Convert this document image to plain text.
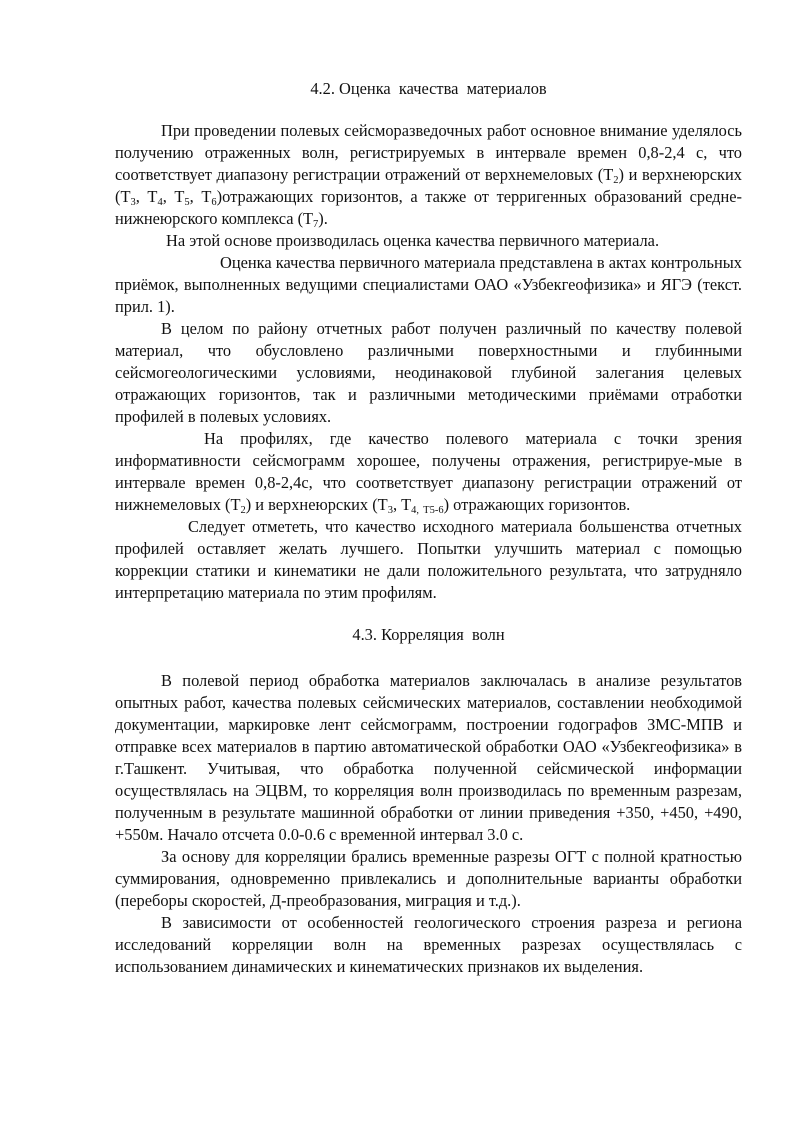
4.2. Оценка  качества  материалов

При проведении полевых сейсморазведочных работ основное внимание уделялось получению отраженных волн, регистрируемых в интервале времен 0,8-2,4 с, что соответствует диапазону регистрации отражений от верхнемеловых $(Т_2)$ и верхнеюрских ($Т_3$, $Т_4$, $Т_5$, $Т_6)отражающих$ горизонтов, а также от терригенных образований средне-нижнеюрского комплекса $(Т_7)$.

На этой основе производилась оценка качества первичного материала.

Оценка качества первичного материала представлена в актах контрольных приёмок, выполненных ведущими специалистами ОАО «Узбекгеофизика» и ЯГЭ (текст. прил. 1).

В целом по району отчетных работ получен различный по качеству полевой материал, что обусловлено различными поверхностными и глубинными сейсмогеологическими условиями, неодинаковой глубиной залегания целевых отражающих горизонтов, так и различными методическими приёмами отработки профилей в полевых условиях.

На профилях, где качество полевого материала с точки зрения информативности сейсмограмм хорошее, получены отражения, регистрируе-мые в интервале времен 0,8-2,4с, что соответствует диапазону регистрации отражений от нижнемеловых $(Т_2)$ и верхнеюрских ($Т_3$, $Т_{4,}$ $_{Т5-6}$) отражающих горизонтов.

Следует отмететь, что качество исходного материала большенства отчетных профилей оставляет желать лучшего. Попытки улучшить материал с помощью коррекции статики и кинематики не дали положительного результата, что затрудняло интерпретацию материала по этим профилям.

4.3. Корреляция  волн

В полевой период обработка материалов заключалась в анализе результатов опытных работ, качества полевых сейсмических материалов, составлении необходимой документации, маркировке лент сейсмограмм, построении годографов ЗМС-МПВ и отправке всех материалов в партию автоматической обработки ОАО «Узбекгеофизика» в г.Ташкент. Учитывая, что обработка полученной сейсмической информации осуществлялась на ЭЦВМ, то корреляция волн производилась по временным разрезам, полученным в результате машинной обработки от линии приведения +350, +450, +490, +550м. Начало отсчета 0.0-0.6 с временной интервал 3.0 с.

За основу для корреляции брались временные разрезы ОГТ с полной кратностью суммирования, одновременно привлекались и дополнительные варианты обработки (переборы скоростей, Д-преобразования, миграция и т.д.).

В зависимости от особенностей геологического строения разреза и региона исследований корреляции волн на временных разрезах осуществлялась с использованием динамических и кинематических признаков их выделения.
